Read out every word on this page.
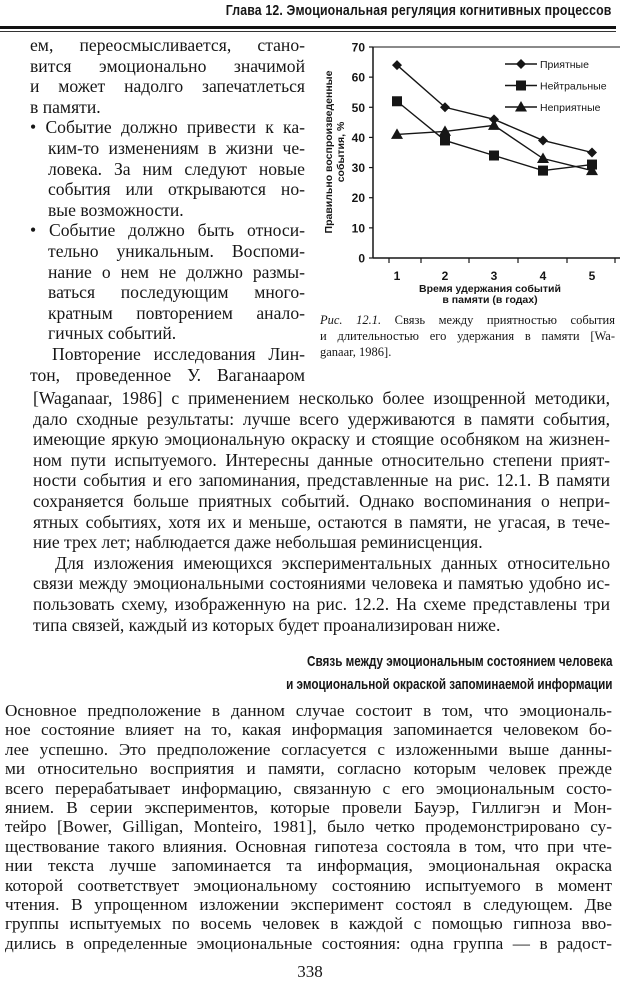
Глава 12. Эмоциональная регуляция когнитивных процессов
ем, переосмысливается, стано-
вится эмоционально значимой
и может надолго запечатлеться
в памяти.
• Событие должно привести к ка-
ким-то изменениям в жизни че-
ловека. За ним следуют новые
события или открываются но-
вые возможности.
• Событие должно быть относи-
тельно уникальным. Воспоми-
нание о нем не должно размы-
ваться последующим много-
кратным повторением анало-
гичных событий.
Повторение исследования Лин-
тон, проведенное У. Ваганааром
0
10
20
30
40
50
60
70
1	2	3	4	5
Время удержания событий
в памяти (в годах)
Правильно воспроизведенные события, %
Приятные
Нейтральные
Неприятные
Рис. 12.1. Связь между приятностью события
и длительностью его удержания в памяти [Wa-
ganaar, 1986].
[Waganaar, 1986] с применением несколько более изощренной методики,
дало сходные результаты: лучше всего удерживаются в памяти события,
имеющие яркую эмоциональную окраску и стоящие особняком на жизнен-
ном пути испытуемого. Интересны данные относительно степени прият-
ности события и его запоминания, представленные на рис. 12.1. В памяти
сохраняется больше приятных событий. Однако воспоминания о непри-
ятных событиях, хотя их и меньше, остаются в памяти, не угасая, в тече-
ние трех лет; наблюдается даже небольшая реминисценция.
Для изложения имеющихся экспериментальных данных относительно
связи между эмоциональными состояниями человека и памятью удобно ис-
пользовать схему, изображенную на рис. 12.2. На схеме представлены три
типа связей, каждый из которых будет проанализирован ниже.
Связь между эмоциональным состоянием человека
и эмоциональной окраской запоминаемой информации
Основное предположение в данном случае состоит в том, что эмоциональ-
ное состояние влияет на то, какая информация запоминается человеком бо-
лее успешно. Это предположение согласуется с изложенными выше данны-
ми относительно восприятия и памяти, согласно которым человек прежде
всего перерабатывает информацию, связанную с его эмоциональным состо-
янием. В серии экспериментов, которые провели Бауэр, Гиллигэн и Мон-
тейро [Bower, Gilligan, Monteiro, 1981], было четко продемонстрировано су-
ществование такого влияния. Основная гипотеза состояла в том, что при чте-
нии текста лучше запоминается та информация, эмоциональная окраска
которой соответствует эмоциональному состоянию испытуемого в момент
чтения. В упрощенном изложении эксперимент состоял в следующем. Две
группы испытуемых по восемь человек в каждой с помощью гипноза вво-
дились в определенные эмоциональные состояния: одна группа — в радост-
338
